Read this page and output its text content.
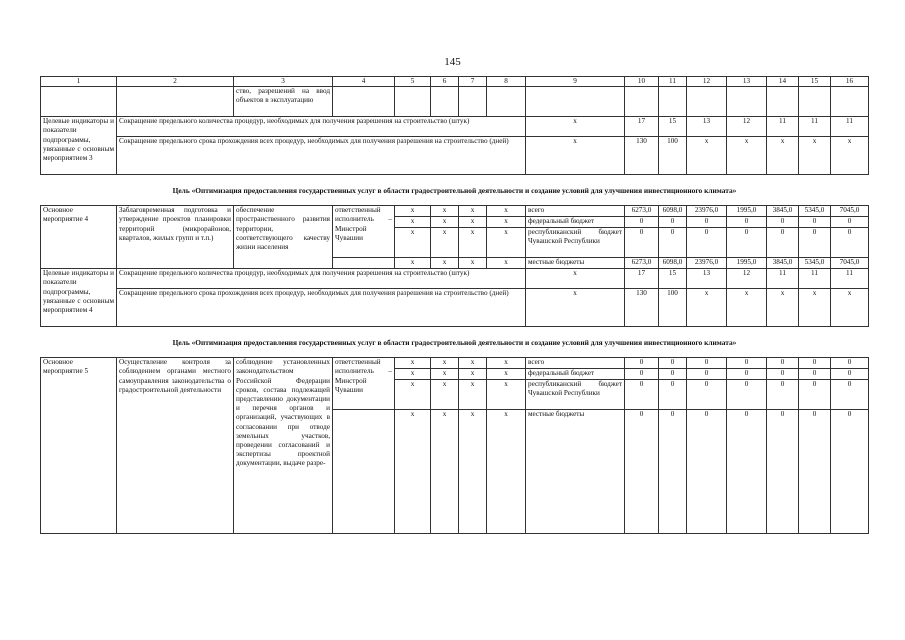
145
1	2	3	4	5	6	7	8	9	10	11	12	13	14	15	16
		ство, разрешений на ввод объектов в эксплуатацию													
Целевые индикаторы и показатели подпрограммы, увязанные с основным мероприятием 3	Сокращение предельного количества процедур, необходимых для получения разрешения на строительство (штук)							х	17	15	13	12	11	11	11
	Сокращение предельного срока прохождения всех процедур, необходимых для получения разрешения на строительство (дней)							х	130	100	х	х	х	х	х

Цель «Оптимизация предоставления государственных услуг в области градостроительной деятельности и создание условий для улучшения инвестиционного климата»															

Основное мероприятие 4	Заблаговременная подготовка и утверждение проектов планировки территорий (микрорайонов, кварталов, жилых групп и т.п.)	обеспечение пространственного развития территории, соответствующего качеству жизни населения	ответственный исполнитель – Минстрой Чувашии	х	х	х	х	всего	6273,0	6098,0	23976,0	1995,0	3845,0	5345,0	7045,0
				х	х	х	х	федеральный бюджет	0	0	0	0	0	0	0
				х	х	х	х	республиканский бюджет Чувашской Республики	0	0	0	0	0	0	0
				х	х	х	х	местные бюджеты	6273,0	6098,0	23976,0	1995,0	3845,0	5345,0	7045,0
Целевые индикаторы и показатели подпрограммы, увязанные с основным мероприятием 4	Сокращение предельного количества процедур, необходимых для получения разрешения на строительство (штук)							х	17	15	13	12	11	11	11
	Сокращение предельного срока прохождения всех процедур, необходимых для получения разрешения на строительство (дней)							х	130	100	х	х	х	х	х

Цель «Оптимизация предоставления государственных услуг в области градостроительной деятельности и создание условий для улучшения инвестиционного климата»															

Основное мероприятие 5	Осуществление контроля за соблюдением органами местного самоуправления законодательства о градостроительной деятельности	соблюдение установленных законодательством Российской Федерации сроков, состава подлежащей представлению документации и перечня органов и организаций, участвующих в согласовании при отводе земельных участков, проведении согласований и экспертизы проектной документации, выдаче разре-	ответственный исполнитель – Минстрой Чувашии	х	х	х	х	всего	0	0	0	0	0	0	0
				х	х	х	х	федеральный бюджет	0	0	0	0	0	0	0
				х	х	х	х	республиканский бюджет Чувашской Республики	0	0	0	0	0	0	0
				х	х	х	х	местные бюджеты	0	0	0	0	0	0	0
